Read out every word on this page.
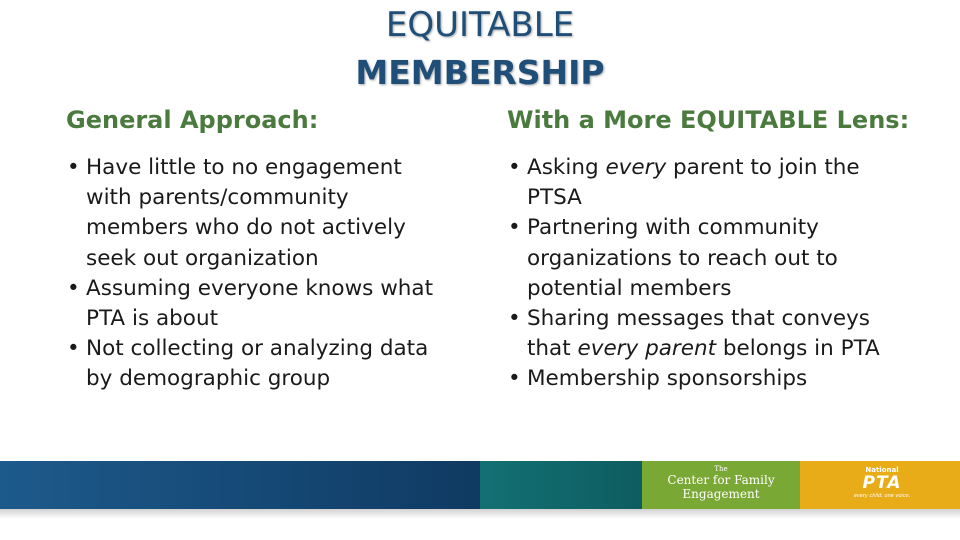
EQUITABLE
MEMBERSHIP
General Approach:	With a More EQUITABLE Lens:
• Have little to no engagement with parents/community members who do not actively seek out organization
• Assuming everyone knows what PTA is about
• Not collecting or analyzing data by demographic group
• Asking every parent to join the PTSA
• Partnering with community organizations to reach out to potential members
• Sharing messages that conveys that every parent belongs in PTA
• Membership sponsorships
The
Center for Family
Engagement
National
PTA
every child. one voice.
